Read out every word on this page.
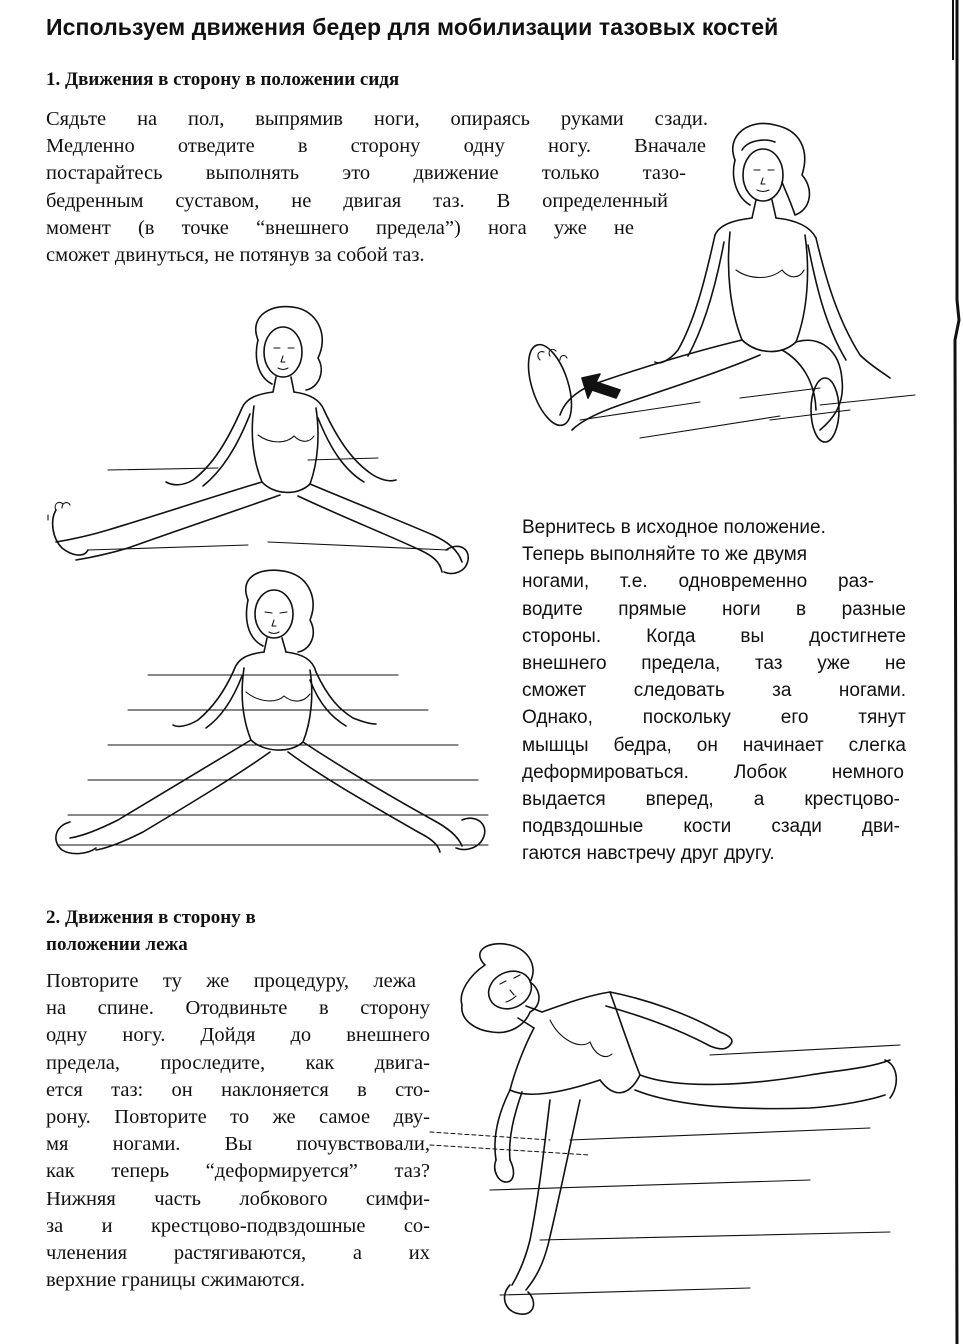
Используем движения бедер для мобилизации тазовых костей
1. Движения в сторону в положении сидя
Сядьте на пол, выпрямив ноги, опираясь руками сзади.
Медленно отведите в сторону одну ногу. Вначале
постарайтесь выполнять это движение только тазо-
бедренным суставом, не двигая таз. В определенный
момент (в точке “внешнего предела”) нога уже не
сможет двинуться, не потянув за собой таз.
Вернитесь в исходное положение.
Теперь выполняйте то же двумя
ногами, т.е. одновременно раз-
водите прямые ноги в разные
стороны. Когда вы достигнете
внешнего предела, таз уже не
сможет следовать за ногами.
Однако, поскольку его тянут
мышцы бедра, он начинает слегка
деформироваться. Лобок немного
выдается вперед, а крестцово-
подвздошные кости сзади дви-
гаются навстречу друг другу.
2. Движения в сторону в
положении лежа
Повторите ту же процедуру, лежа
на спине. Отодвиньте в сторону
одну ногу. Дойдя до внешнего
предела, проследите, как двига-
ется таз: он наклоняется в сто-
рону. Повторите то же самое дву-
мя ногами. Вы почувствовали,
как теперь “деформируется” таз?
Нижняя часть лобкового симфи-
за и крестцово-подвздошные со-
членения растягиваются, а их
верхние границы сжимаются.
